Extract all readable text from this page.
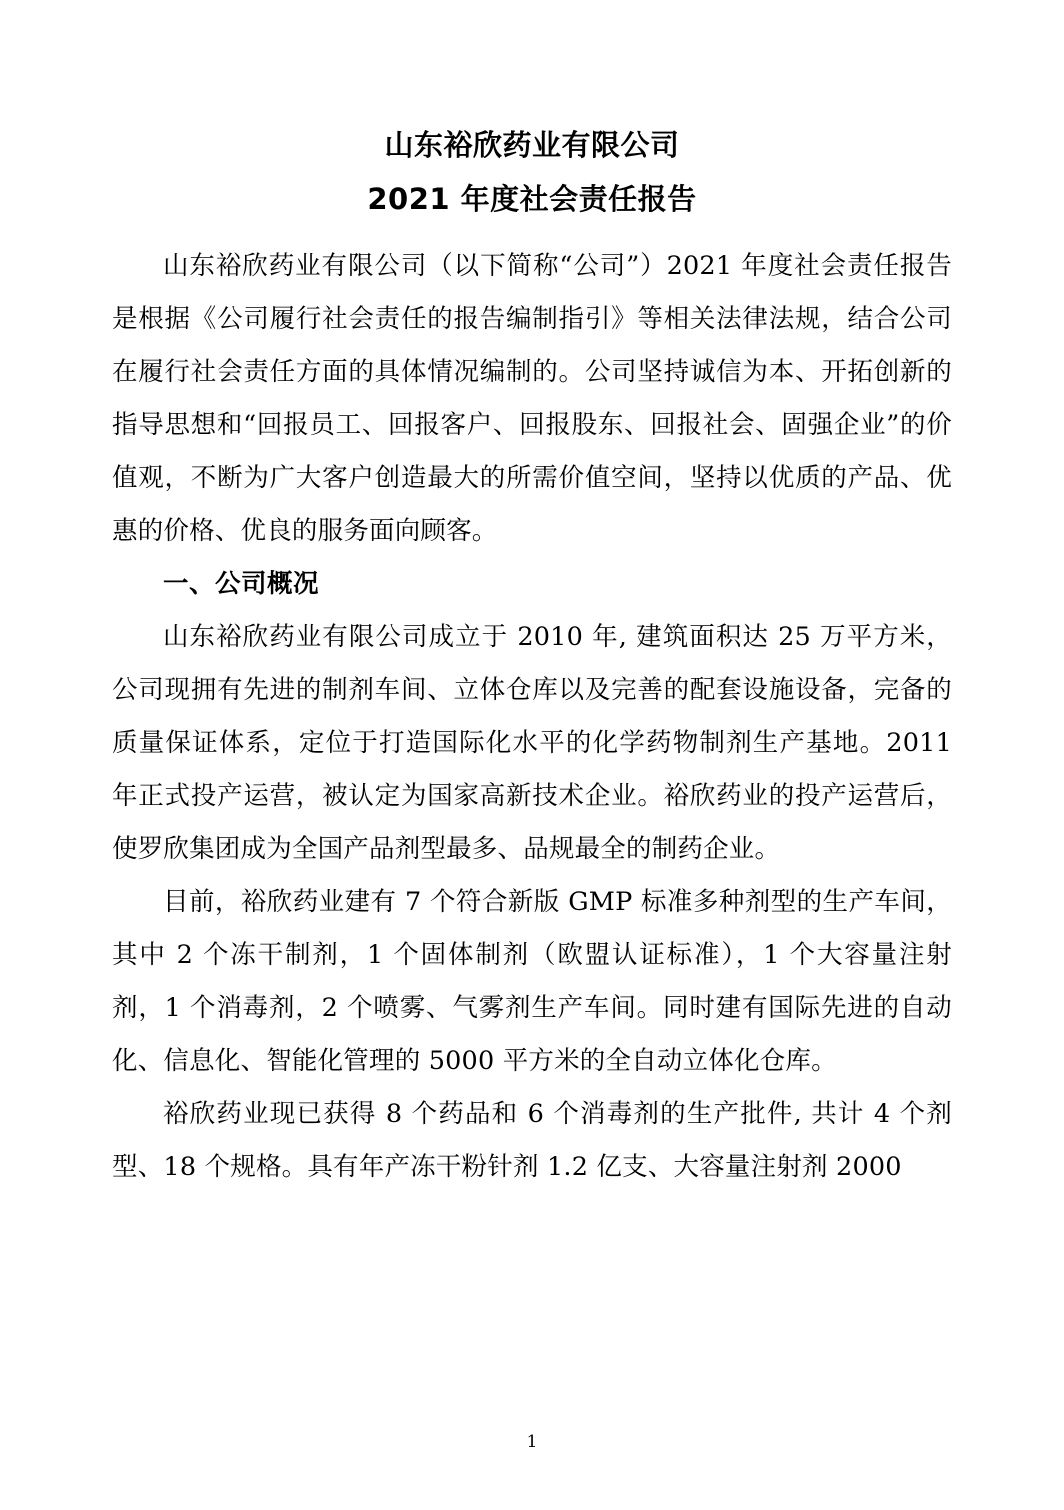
山东裕欣药业有限公司
2021 年度社会责任报告

山东裕欣药业有限公司（以下简称“公司”）2021 年度社会责任报告是根据《公司履行社会责任的报告编制指引》等相关法律法规，结合公司在履行社会责任方面的具体情况编制的。公司坚持诚信为本、开拓创新的指导思想和“回报员工、回报客户、回报股东、回报社会、固强企业”的价值观，不断为广大客户创造最大的所需价值空间，坚持以优质的产品、优惠的价格、优良的服务面向顾客。

一、公司概况

山东裕欣药业有限公司成立于 2010 年, 建筑面积达 25 万平方米，公司现拥有先进的制剂车间、立体仓库以及完善的配套设施设备，完备的质量保证体系，定位于打造国际化水平的化学药物制剂生产基地。2011 年正式投产运营，被认定为国家高新技术企业。裕欣药业的投产运营后，使罗欣集团成为全国产品剂型最多、品规最全的制药企业。

目前，裕欣药业建有 7 个符合新版 GMP 标准多种剂型的生产车间，其中 2 个冻干制剂，1 个固体制剂（欧盟认证标准），1 个大容量注射剂，1 个消毒剂，2 个喷雾、气雾剂生产车间。同时建有国际先进的自动化、信息化、智能化管理的 5000 平方米的全自动立体化仓库。

裕欣药业现已获得 8 个药品和 6 个消毒剂的生产批件, 共计 4 个剂型、18 个规格。具有年产冻干粉针剂 1.2 亿支、大容量注射剂 2000

1
